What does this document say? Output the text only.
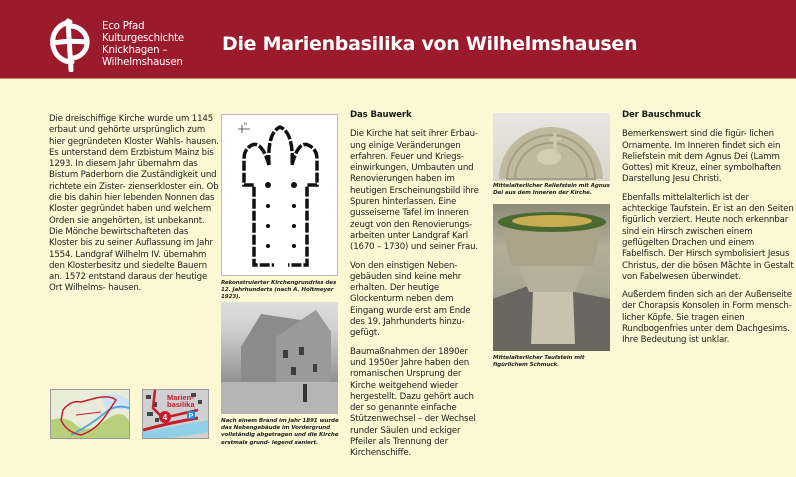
Eco Pfad
Kulturgeschichte
Knickhagen –
Wilhelmshausen
Die Marienbasilika von Wilhelmshausen

Die dreischiffige Kirche wurde um 1145 erbaut und gehörte ursprünglich zum hier gegründeten Kloster Wahls- hausen. Es unterstand dem Erzbistum Mainz bis 1293. In diesem Jahr übernahm das Bistum Paderborn die Zuständigkeit und richtete ein Zister- zienserkloster ein. Ob die bis dahin hier lebenden Nonnen das Kloster gegründet haben und welchem Orden sie angehörten, ist unbekannt. Die Mönche bewirtschafteten das Kloster bis zu seiner Auflassung im Jahr 1554. Landgraf Wilhelm IV. übernahm den Klosterbesitz und siedelte Bauern an. 1572 entstand daraus der heutige Ort Wilhelms- hausen.

4
Marien-
basilika
P
N
Rekonstruierter Kirchengrundriss des 12. Jahrhunderts (nach A. Holtmeyer 1923).
Nach einem Brand im Jahr 1891 wurde das Nebengebäude im Vordergrund vollständig abgetragen und die Kirche erstmals grund- legend saniert.
Das Bauwerk

Die Kirche hat seit ihrer Erbau- ung einige Veränderungen erfahren. Feuer und Kriegs- einwirkungen, Umbauten und Renovierungen haben im heutigen Erscheinungsbild ihre Spuren hinterlassen. Eine gusseiserne Tafel im Inneren zeugt von den Renovierungs- arbeiten unter Landgraf Karl (1670 – 1730) und seiner Frau.

Von den einstigen Neben- gebäuden sind keine mehr erhalten. Der heutige Glockenturm neben dem Eingang wurde erst am Ende des 19. Jahrhunderts hinzu- gefügt.

Baumaßnahmen der 1890er und 1950er Jahre haben den romanischen Ursprung der Kirche weitgehend wieder hergestellt. Dazu gehört auch der so genannte einfache Stützenwechsel – der Wechsel runder Säulen und eckiger Pfeiler als Trennung der Kirchenschiffe.

Mittelalterlicher Reliefstein mit Agnus Dei aus dem Inneren der Kirche.
Mittelalterlicher Taufstein mit figürlichem Schmuck.
Der Bauschmuck

Bemerkenswert sind die figür- lichen Ornamente. Im Inneren findet sich ein Reliefstein mit dem Agnus Dei (Lamm Gottes) mit Kreuz, einer symbolhaften Darstellung Jesu Christi.

Ebenfalls mittelalterlich ist der achteckige Taufstein. Er ist an den Seiten figürlich verziert. Heute noch erkennbar sind ein Hirsch zwischen einem geflügelten Drachen und einem Fabelfisch. Der Hirsch symbolisiert Jesus Christus, der die bösen Mächte in Gestalt von Fabelwesen überwindet.

Außerdem finden sich an der Außenseite der Chorapsis Konsolen in Form mensch- licher Köpfe. Sie tragen einen Rundbogenfries unter dem Dachgesims. Ihre Bedeutung ist unklar.
